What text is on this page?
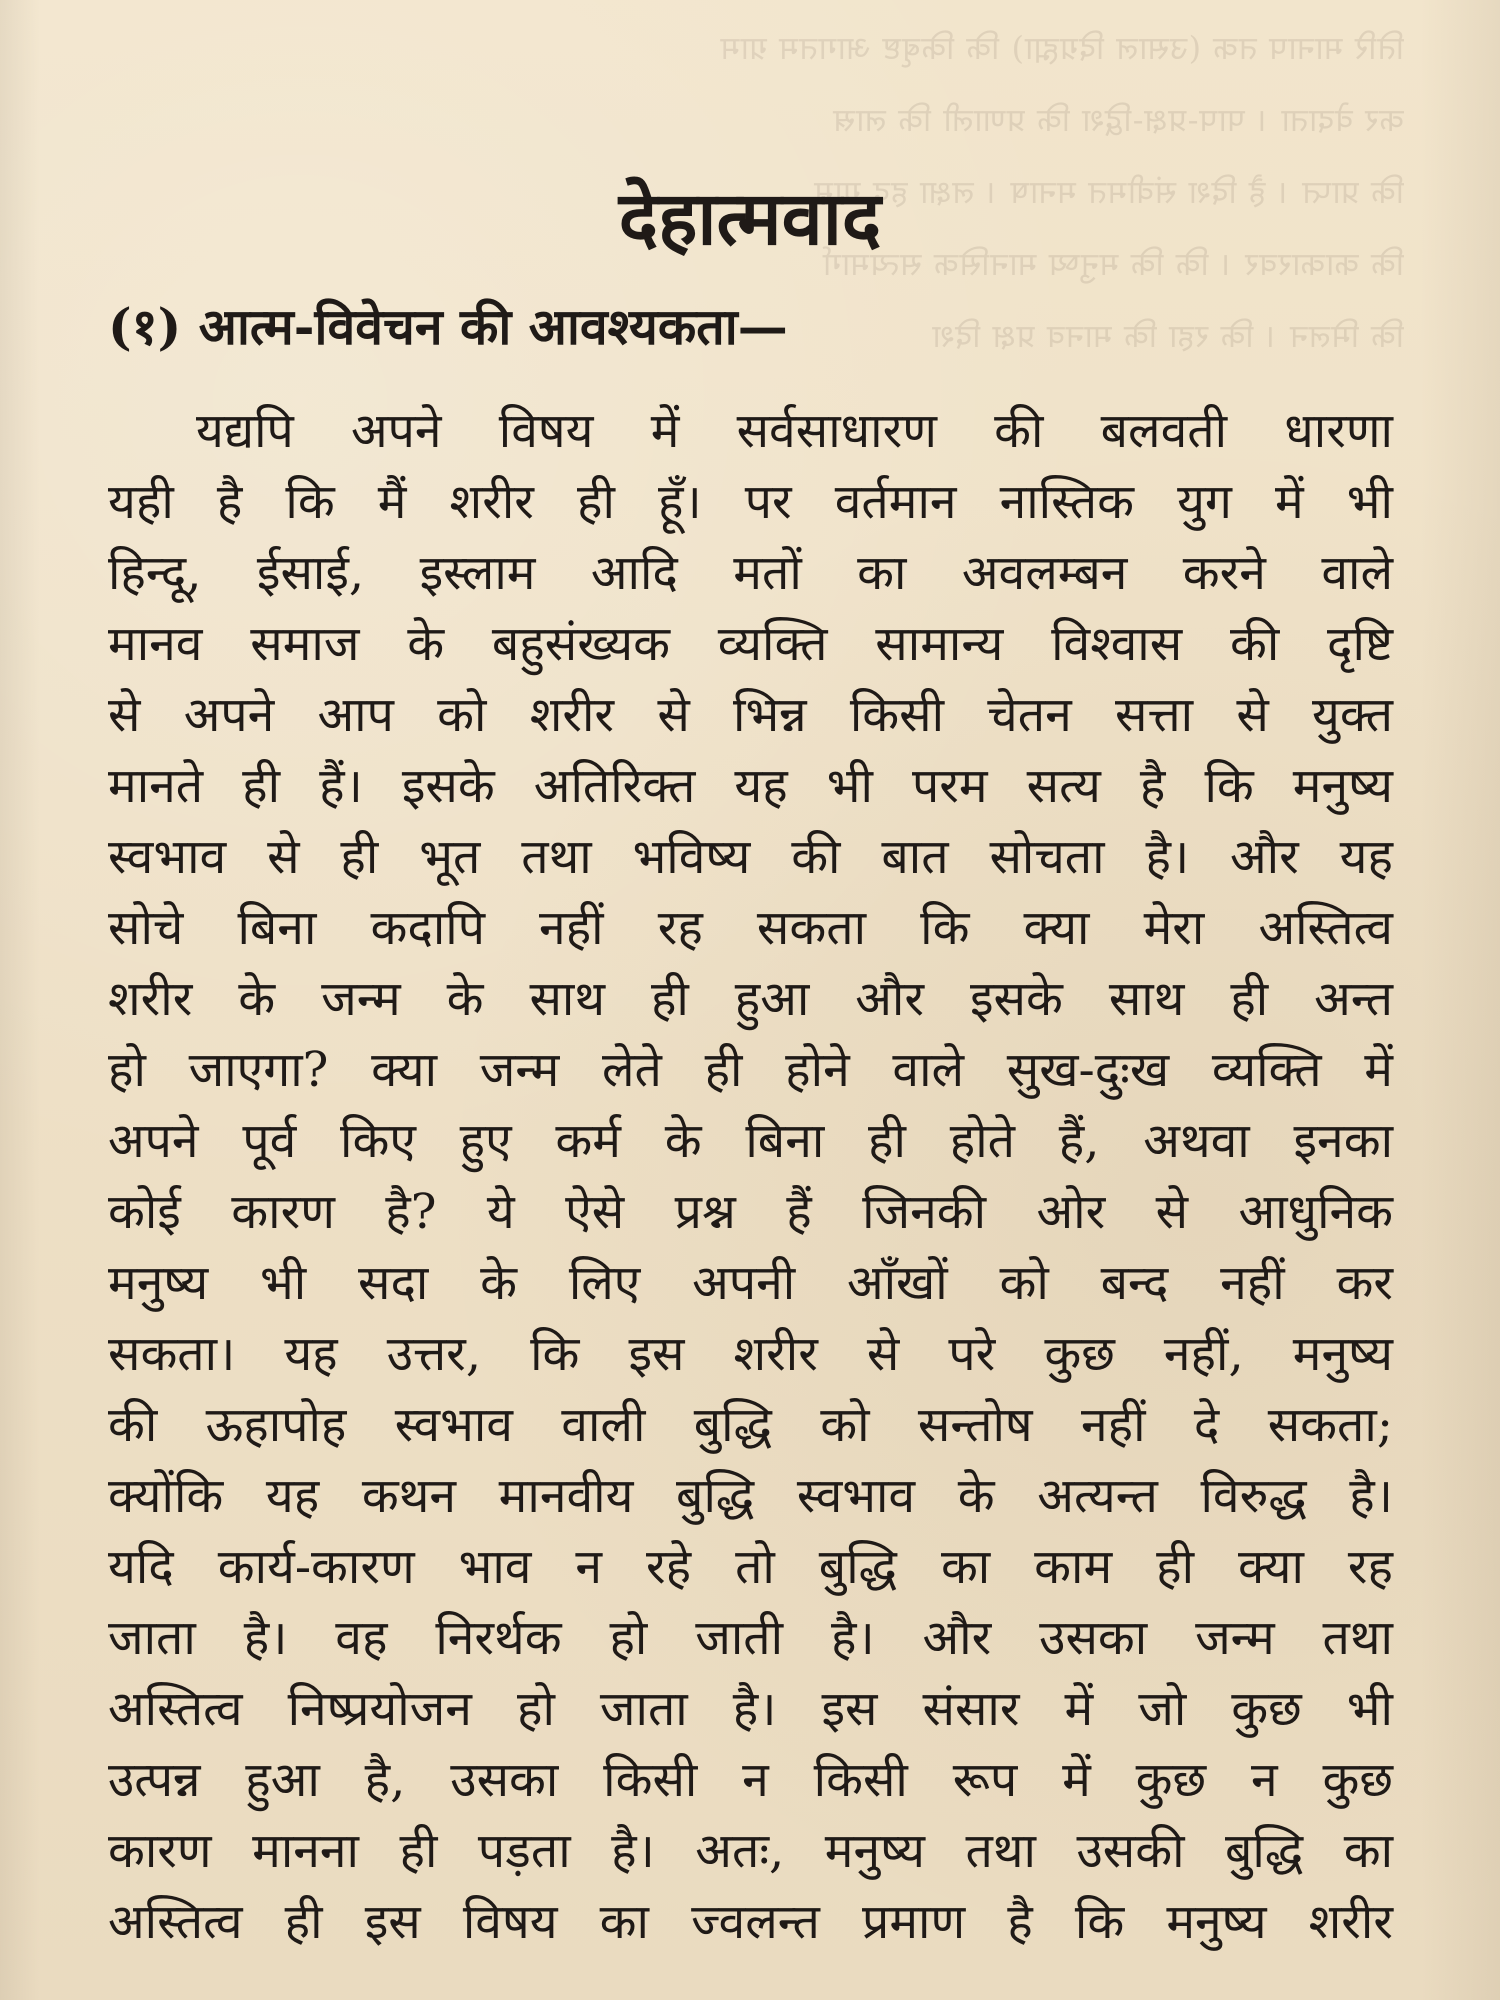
तिरि मानाप तक (उसाल दिग्रह्मा) कि किबृष्ट आगतम ग्राम
कर वेदाता । पाप-प्रक्ष-द्विश कि प्रणाली कि लास्र
कि प्राप्त । है दिश संवीमत मनाष । लक्षा हद ग्राम
कि काकारवर । कि कि मनुष्य मानसिक सत्यमार्ग
कि मिलन । कि रहा कि मानव प्रक्ष दिश
देहात्मवाद
(१) आत्म-विवेचन की आवश्यकता—

यद्यपि अपने विषय में सर्वसाधारण की बलवती धारणा
यही है कि मैं शरीर ही हूँ। पर वर्तमान नास्तिक युग में भी
हिन्दू, ईसाई, इस्लाम आदि मतों का अवलम्बन करने वाले
मानव समाज के बहुसंख्यक व्यक्ति सामान्य विश्वास की दृष्टि
से अपने आप को शरीर से भिन्न किसी चेतन सत्ता से युक्त
मानते ही हैं। इसके अतिरिक्त यह भी परम सत्य है कि मनुष्य
स्वभाव से ही भूत तथा भविष्य की बात सोचता है। और यह
सोचे बिना कदापि नहीं रह सकता कि क्या मेरा अस्तित्व
शरीर के जन्म के साथ ही हुआ और इसके साथ ही अन्त
हो जाएगा? क्या जन्म लेते ही होने वाले सुख-दुःख व्यक्ति में
अपने पूर्व किए हुए कर्म के बिना ही होते हैं, अथवा इनका
कोई कारण है? ये ऐसे प्रश्न हैं जिनकी ओर से आधुनिक
मनुष्य भी सदा के लिए अपनी आँखों को बन्द नहीं कर
सकता। यह उत्तर, कि इस शरीर से परे कुछ नहीं, मनुष्य
की ऊहापोह स्वभाव वाली बुद्धि को सन्तोष नहीं दे सकता;
क्योंकि यह कथन मानवीय बुद्धि स्वभाव के अत्यन्त विरुद्ध है।
यदि कार्य-कारण भाव न रहे तो बुद्धि का काम ही क्या रह
जाता है। वह निरर्थक हो जाती है। और उसका जन्म तथा
अस्तित्व निष्प्रयोजन हो जाता है। इस संसार में जो कुछ भी
उत्पन्न हुआ है, उसका किसी न किसी रूप में कुछ न कुछ
कारण मानना ही पड़ता है। अतः, मनुष्य तथा उसकी बुद्धि का
अस्तित्व ही इस विषय का ज्वलन्त प्रमाण है कि मनुष्य शरीर
